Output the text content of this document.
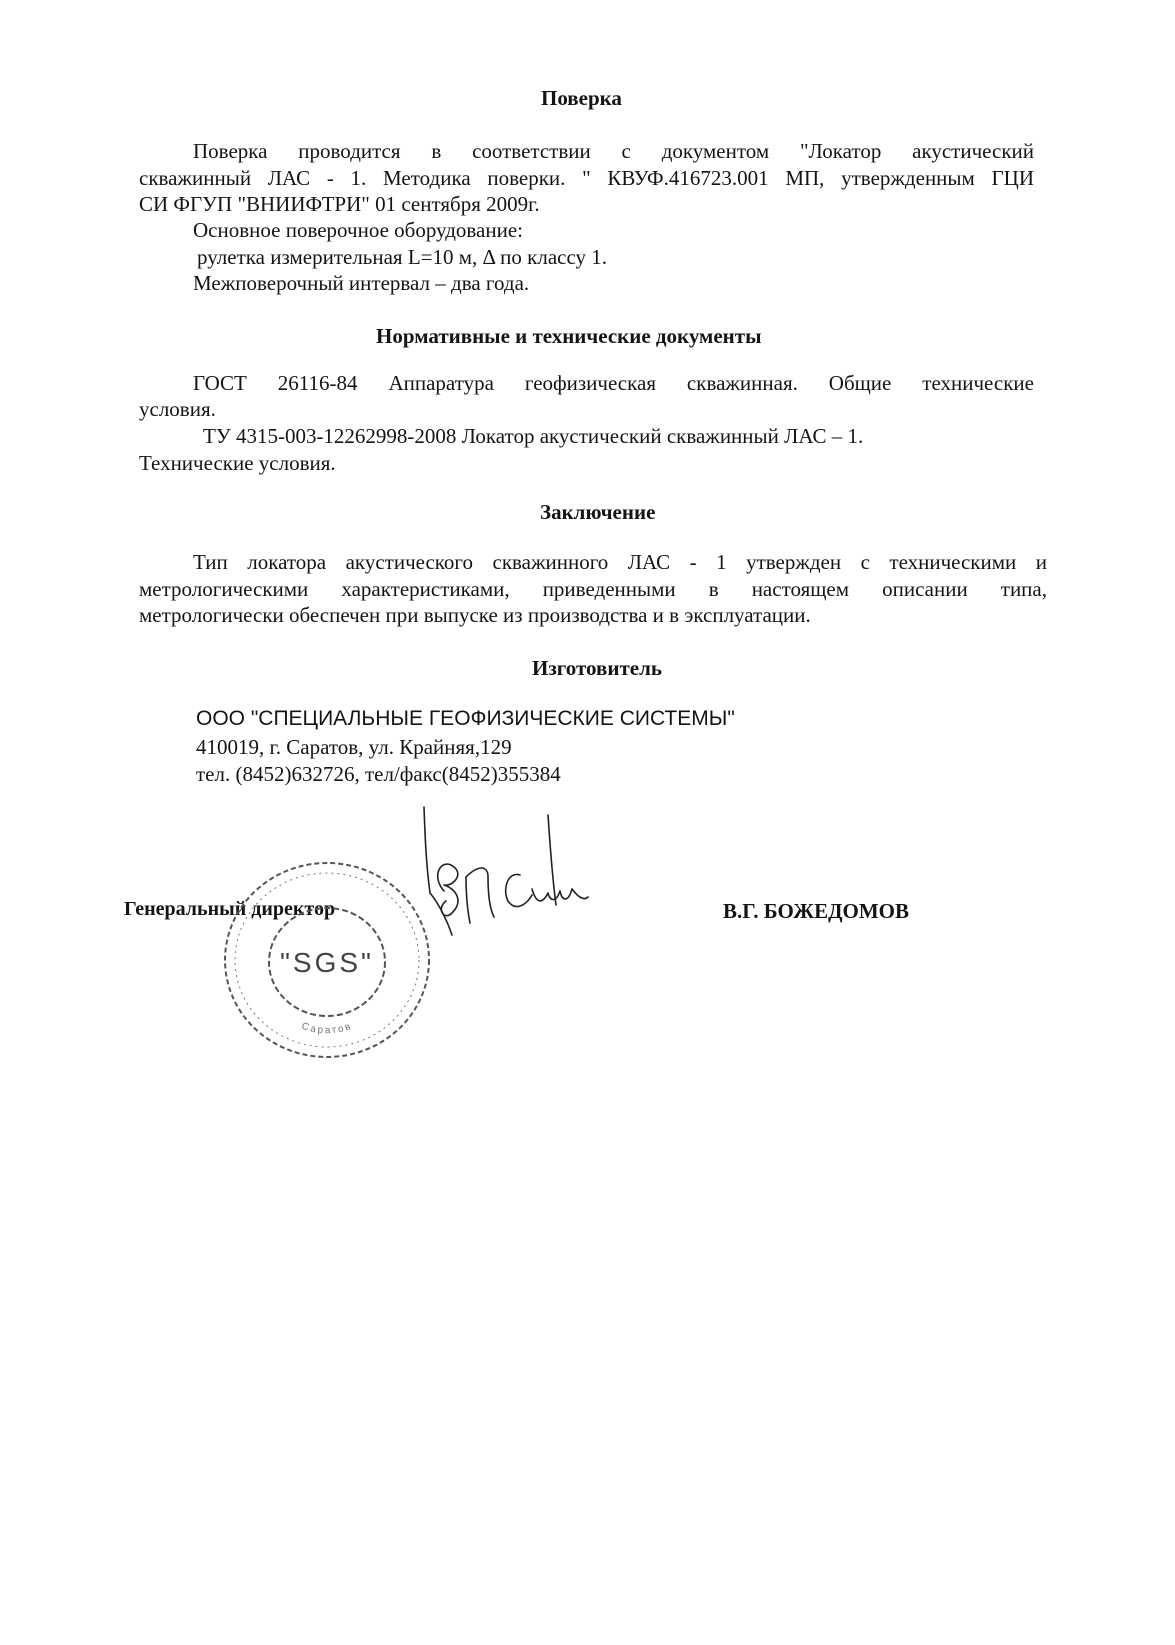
Поверка
Поверка проводится в соответствии с документом "Локатор акустический
скважинный ЛАС - 1. Методика поверки. " КВУФ.416723.001 МП, утвержденным ГЦИ
СИ ФГУП "ВНИИФТРИ" 01 сентября 2009г.
Основное поверочное оборудование:
рулетка измерительная L=10 м, Δ по классу 1.
Межповерочный интервал – два года.
Нормативные и технические документы
ГОСТ 26116-84 Аппаратура геофизическая скважинная. Общие технические
условия.
ТУ 4315-003-12262998-2008 Локатор акустический скважинный ЛАС – 1.
Технические условия.
Заключение
Тип локатора акустического скважинного ЛАС - 1 утвержден с техническими и
метрологическими характеристиками, приведенными в настоящем описании типа,
метрологически обеспечен при выпуске из производства и в эксплуатации.
Изготовитель
ООО "СПЕЦИАЛЬНЫЕ ГЕОФИЗИЧЕСКИЕ СИСТЕМЫ"
410019, г. Саратов, ул. Крайняя,129
тел. (8452)632726, тел/факс(8452)355384
Генеральный директор	В.Г. БОЖЕДОМОВ
"SGS"
Саратов
